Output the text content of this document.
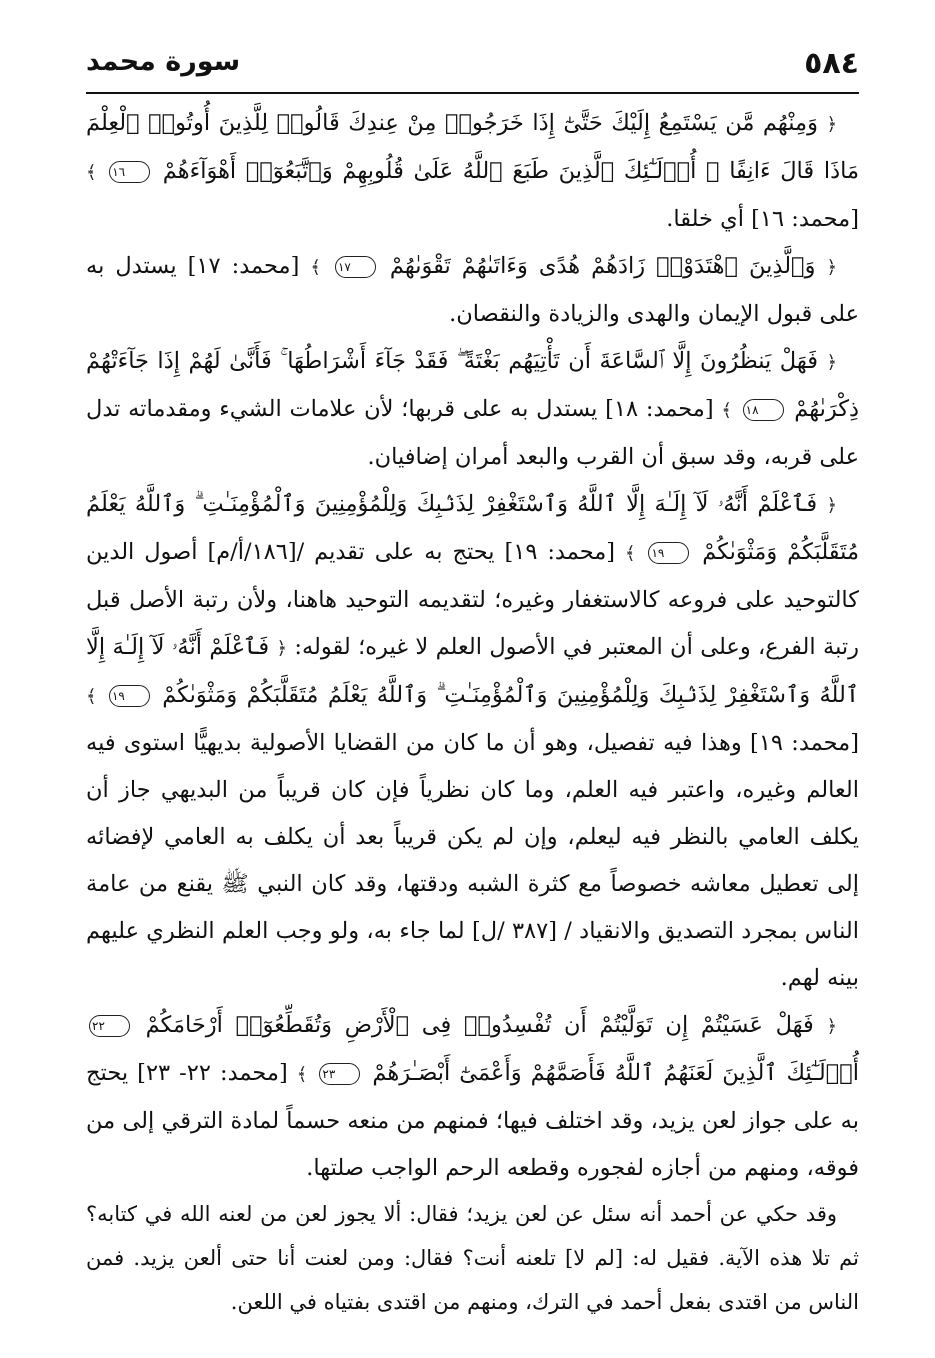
٥٨٤
سورة محمد

﴿ وَمِنْهُم مَّن يَسْتَمِعُ إِلَيْكَ حَتَّىٰٓ إِذَا خَرَجُوا۟ مِنْ عِندِكَ قَالُوا۟ لِلَّذِينَ أُوتُوا۟ ٱلْعِلْمَ مَاذَا قَالَ ءَانِفًا ۚ أُو۟لَـٰٓئِكَ ٱلَّذِينَ طَبَعَ ٱللَّهُ عَلَىٰ قُلُوبِهِمْ وَٱتَّبَعُوٓا۟ أَهْوَآءَهُمْ ١٦ ﴾ [محمد: ١٦] أي خلقا.

﴿ وَٱلَّذِينَ ٱهْتَدَوْا۟ زَادَهُمْ هُدًى وَءَاتَىٰهُمْ تَقْوَىٰهُمْ ١٧ ﴾ [محمد: ١٧] يستدل به على قبول الإيمان والهدى والزيادة والنقصان.

﴿ فَهَلْ يَنظُرُونَ إِلَّا ٱلسَّاعَةَ أَن تَأْتِيَهُم بَغْتَةً ۖ فَقَدْ جَآءَ أَشْرَاطُهَا ۚ فَأَنَّىٰ لَهُمْ إِذَا جَآءَتْهُمْ ذِكْرَىٰهُمْ ١٨ ﴾ [محمد: ١٨] يستدل به على قربها؛ لأن علامات الشيء ومقدماته تدل على قربه، وقد سبق أن القرب والبعد أمران إضافيان.

﴿ فَٱعْلَمْ أَنَّهُۥ لَآ إِلَـٰهَ إِلَّا ٱللَّهُ وَٱسْتَغْفِرْ لِذَنۢبِكَ وَلِلْمُؤْمِنِينَ وَٱلْمُؤْمِنَـٰتِ ۗ وَٱللَّهُ يَعْلَمُ مُتَقَلَّبَكُمْ وَمَثْوَىٰكُمْ ١٩ ﴾ [محمد: ١٩] يحتج به على تقديم /[١٨٦/أ/م] أصول الدين كالتوحيد على فروعه كالاستغفار وغيره؛ لتقديمه التوحيد هاهنا، ولأن رتبة الأصل قبل رتبة الفرع، وعلى أن المعتبر في الأصول العلم لا غيره؛ لقوله: ﴿ فَٱعْلَمْ أَنَّهُۥ لَآ إِلَـٰهَ إِلَّا ٱللَّهُ وَٱسْتَغْفِرْ لِذَنۢبِكَ وَلِلْمُؤْمِنِينَ وَٱلْمُؤْمِنَـٰتِ ۗ وَٱللَّهُ يَعْلَمُ مُتَقَلَّبَكُمْ وَمَثْوَىٰكُمْ ١٩ ﴾ [محمد: ١٩] وهذا فيه تفصيل، وهو أن ما كان من القضايا الأصولية بديهيًّا استوى فيه العالم وغيره، واعتبر فيه العلم، وما كان نظرياً فإن كان قريباً من البديهي جاز أن يكلف العامي بالنظر فيه ليعلم، وإن لم يكن قريباً بعد أن يكلف به العامي لإفضائه إلى تعطيل معاشه خصوصاً مع كثرة الشبه ودقتها، وقد كان النبي ﷺ يقنع من عامة الناس بمجرد التصديق والانقياد / [٣٨٧ /ل] لما جاء به، ولو وجب العلم النظري عليهم بينه لهم.

﴿ فَهَلْ عَسَيْتُمْ إِن تَوَلَّيْتُمْ أَن تُفْسِدُوا۟ فِى ٱلْأَرْضِ وَتُقَطِّعُوٓا۟ أَرْحَامَكُمْ ٢٢ أُو۟لَـٰٓئِكَ ٱلَّذِينَ لَعَنَهُمُ ٱللَّهُ فَأَصَمَّهُمْ وَأَعْمَىٰٓ أَبْصَـٰرَهُمْ ٢٣ ﴾ [محمد: ٢٢- ٢٣] يحتج به على جواز لعن يزيد، وقد اختلف فيها؛ فمنهم من منعه حسماً لمادة الترقي إلى من فوقه، ومنهم من أجازه لفجوره وقطعه الرحم الواجب صلتها.

وقد حكي عن أحمد أنه سئل عن لعن يزيد؛ فقال: ألا يجوز لعن من لعنه الله في كتابه؟ ثم تلا هذه الآية. فقيل له: [لم لا] تلعنه أنت؟ فقال: ومن لعنت أنا حتى ألعن يزيد. فمن الناس من اقتدى بفعل أحمد في الترك، ومنهم من اقتدى بفتياه في اللعن.
